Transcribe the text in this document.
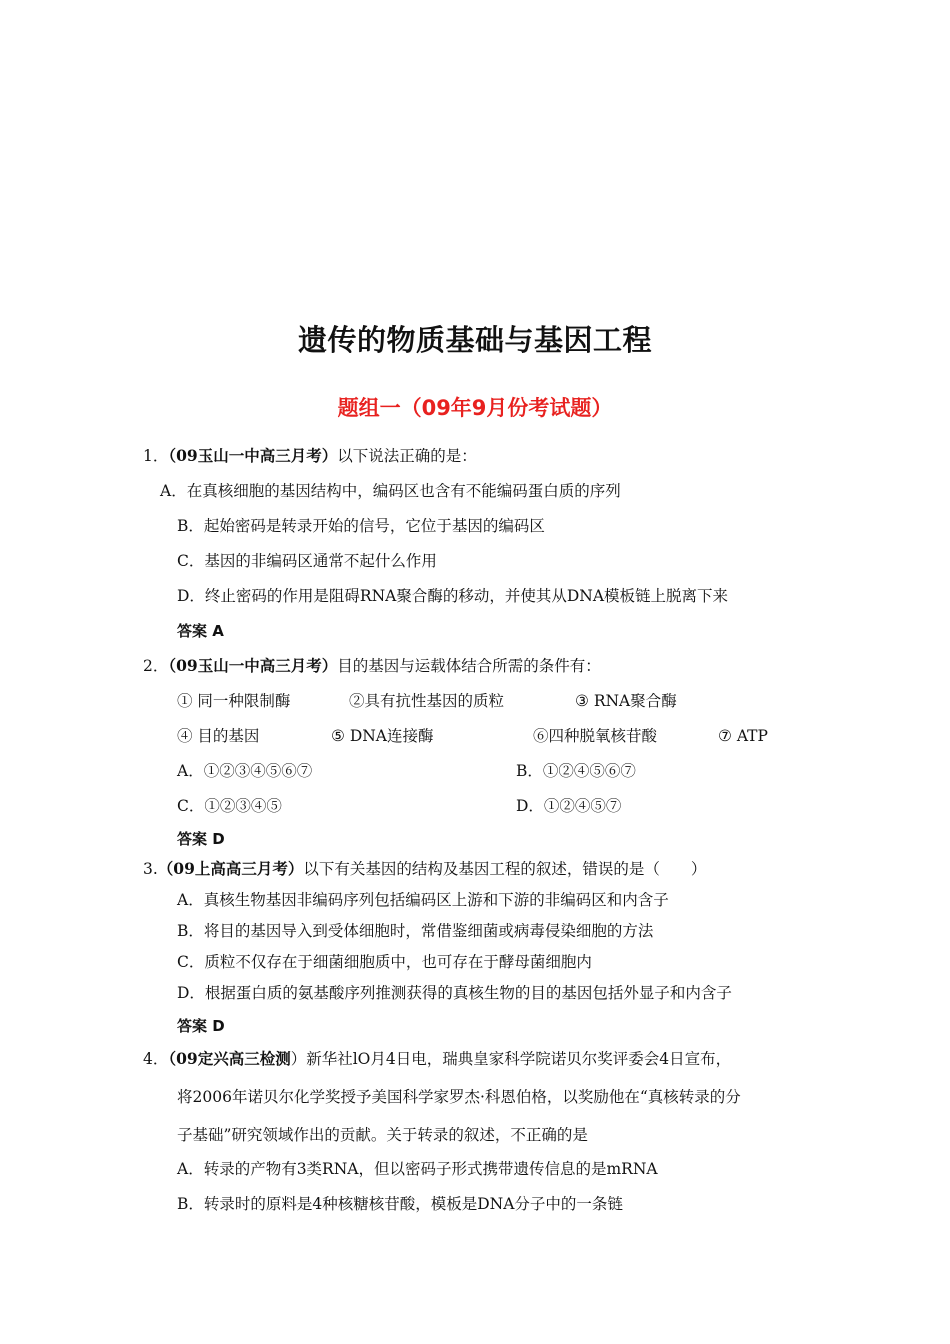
遗传的物质基础与基因工程
题组一（09年9月份考试题）
1．（09玉山一中高三月考）以下说法正确的是：
A．在真核细胞的基因结构中，编码区也含有不能编码蛋白质的序列
B．起始密码是转录开始的信号，它位于基因的编码区
C．基因的非编码区通常不起什么作用
D．终止密码的作用是阻碍RNA聚合酶的移动，并使其从DNA模板链上脱离下来
答案 A
2．（09玉山一中高三月考）目的基因与运载体结合所需的条件有：
① 同一种限制酶	②具有抗性基因的质粒	③ RNA聚合酶
④ 目的基因	⑤ DNA连接酶	⑥四种脱氧核苷酸	⑦ ATP
A．①②③④⑤⑥⑦	B．①②④⑤⑥⑦
C．①②③④⑤	D．①②④⑤⑦
答案 D
3.（09上高高三月考）以下有关基因的结构及基因工程的叙述，错误的是（　　）
A．真核生物基因非编码序列包括编码区上游和下游的非编码区和内含子
B．将目的基因导入到受体细胞时，常借鉴细菌或病毒侵染细胞的方法
C．质粒不仅存在于细菌细胞质中，也可存在于酵母菌细胞内
D．根据蛋白质的氨基酸序列推测获得的真核生物的目的基因包括外显子和内含子
答案 D
4．（09定兴高三检测）新华社lO月4日电，瑞典皇家科学院诺贝尔奖评委会4日宣布，
将2006年诺贝尔化学奖授予美国科学家罗杰·科恩伯格，以奖励他在“真核转录的分
子基础”研究领域作出的贡献。关于转录的叙述，不正确的是
A．转录的产物有3类RNA，但以密码子形式携带遗传信息的是mRNA
B．转录时的原料是4种核糖核苷酸，模板是DNA分子中的一条链
